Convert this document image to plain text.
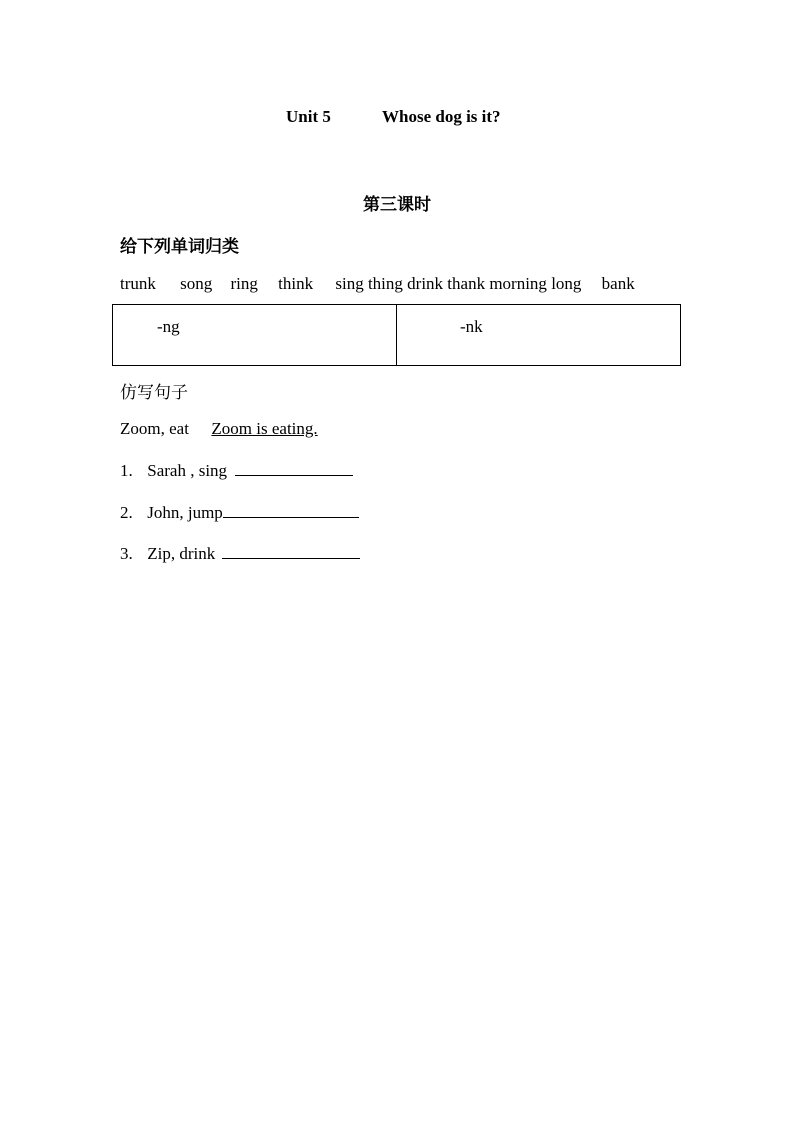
Unit 5	Whose dog is it?
第三课时
给下列单词归类
trunk song ring think sing thing drink thank morning long bank
-ng	-nk
仿写句子
Zoom, eat Zoom is eating.
1. Sarah , sing
2. John, jump
3. Zip, drink
